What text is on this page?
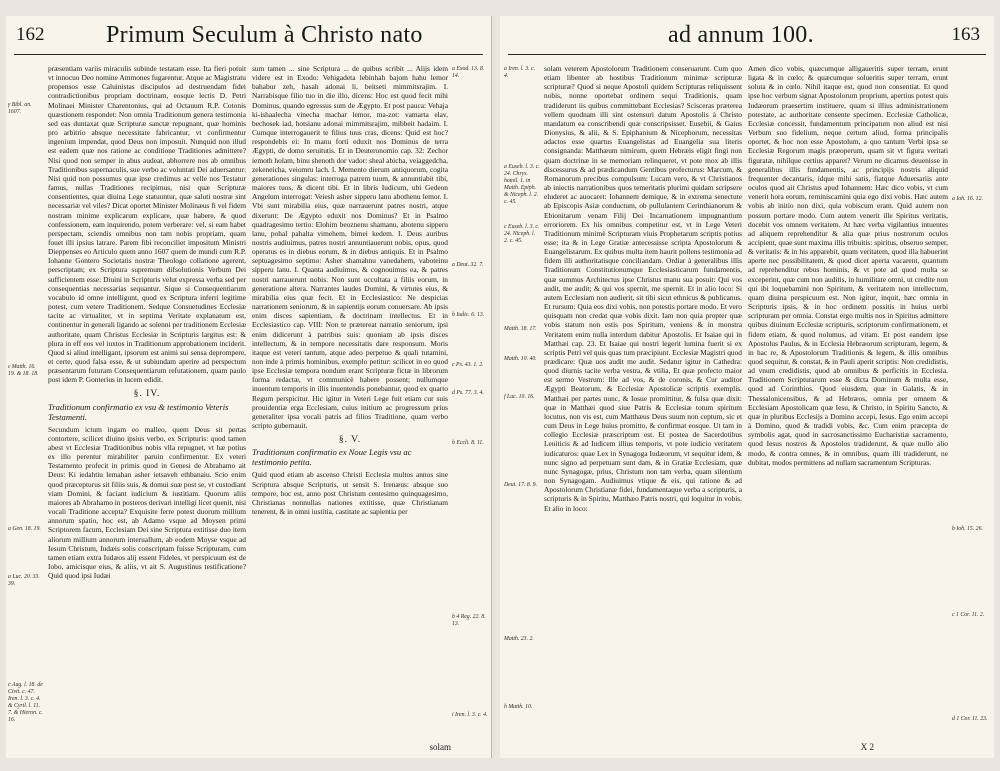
162	Primum Seculum à Christo nato
γ Bibl. an. 1607.
ε Matth. 16. 19. & 18. 18.
a Gen. 18. 19.
a Luc. 20. 33. 39.
c Aug. l. 18. de Civit. c. 47. Iren. l. 3. c. 4. & Cyril. l. 11. 7. & Hieron. c. 16.

præsentiam variis miraculis subinde testatam esse. Ita fieri potuit vt innocuo Deo nomine Ammones fugarentur. Atque ac Magistratu propensos esse Caluinistas discipulos ad destruendam fidei contradictionibus propriam doctrinam, eosque lectis D. Petri Molinaei Minister Charentonius, qui ad Octauum R.P. Cotonis quæstionem respondet: Non omnia Traditionum genera testimonia sed eas duntaxat quæ Scripturæ sanctæ repugnant, quæ hominis pro arbitrio absque necessitate fabricantur, vt confirmentur ingenium impendat, quod Deus non imposuit. Nunquid non illud est eadem quæ nos ratione ac conditione Traditiones admittere? Nisi quod non semper in abus audeat, abhorrere nos ab omnibus Traditionibus supernaculis, sue verbo ac voluntati Dei aduersantur: Nisi quid non possumus quæ ipse credimus ac velle nos Testatur famus, nullas Traditiones recipimus, nisi quæ Scripturæ consentientes, quæ diuina Lege statuuntur, quæ saluti nostræ sint necessariæ vel viles? Dicat oportet Minister Molinæus fi vel fidem nostram minime explicarum explicare, quæ habere, & quod confessionem, eam inquirendo, potem verberare: vel, si eam habet perspectam, sciendis omnibus non tam nobis propriam, quam fouet illi ipsius latrare. Parem fibi reconciliet impositum Ministri Dieppenses eo Articulo quem anno 1607 quem de mundi cum R.P. Iohanne Gontero Societatis nostræ Theologo collatione agerent, perscriptam; ex Scriptura supremum difsolutionis Verbum Dei sufficientem esse: Diuini in Scripturis velut expressa verba sed per consequentias necessarias sequantur. Sique si Consequentiarum vocabulo id omne intelligunt, quod ex Scriptura inferri legitime potest, cum vetere Traditionem. Sedque Consuetudines Ecclesiæ tacite ac virtualiter, vt in septima Veritate explanatum est, continentur in generali ligando ac solenni per traditionem Ecclesiæ authoritate, quam Christus Ecclesiæ in Scripturis largitus est: & plura in eff eos vel iuxtos in Traditionum approbationem inciderit. Quod si aliud intelligant, ipsorum est animi sui sensa deprompere, et certe, quod falsa esse, & ut subiundam aperire ad perspectum præsentarum futuram Consequentiarum refutationem, quam paulo post idem P. Gonterius in lucem edidit.

§. IV.

Traditionum confirmatio ex vsu & testimonio Veteris Testamenti.

Secundum ictum ingam eo malleo, quem Deus sit pertas contortere, scilicet diuino ipsius verbo, ex Scripturis: quod tamen abest vt Ecclesiæ Traditionibus nobis vlla repugnet, vt hæ potius ex illo perentur mirabiliter paruin confirmentur. Ex veteri Testamento profecit in primis quod in Genesi de Abrahamo ait Deus: Ki iedahtiu lemahan asher ietsaveh ethbanaiu. Scio enim quod præcepturus sit filiis suis, & domui suæ post se, vt custodiant viam Domini, & faciant iudicium & iustitiam. Quorum aliis maiores ab Abrahamo in posteros derivari intelligi licet quenit, nisi vocali Traditione accepta? Exquisite ferre potest duorum millium annorum spatio, hoc est, ab Adamo vsque ad Moysen primi Scriptorem facum, Ecclesiam Dei sine Scriptura extitisse duo item aliorum millium annorum interuallum, ab eodem Moyse vsque ad Iesum Christum, Iudæis solis conscriptam fuisse Scripturam, cum tamen etiam extra Iudæos alij essent Fideles, vt perspicuum est de Iobo, amicisque eius, & aliis, vt ait S. Augustinus testificatione? Quid quod ipsi Iudæi

sum tamen ... sine Scriptura ... de quibus scribit ... Alijs idem videre est in Exodo: Vehigadeta lebinhah bajom hahu lemor bahabur zeh, hasah adonai li, beitseti mimmitsrajim. I. Narrabisque filio tuo in die illo, dicens: Hoc est quod fecit mihi Dominus, quando egressus sum de Ægypto. Et post pauca: Vehaja ki-ishaalecha vinecha machar lemor, ma-zot: vamarta elav, bechosek iad, hotsianu adonai mimmitsrajim, mibbeit hadaim. I. Cumque interrogauerit te filius tuus cras, dicens: Quid est hoc? respondebis ei: In manu forti eduxit nos Dominus de terra Ægypti, de domo seruitutis. Et in Deuteronomio cap. 32: Zechor iemoth holam, binu shenoth dor vador: sheal abicha, veiaggedcha, zekeneicha, veiomru lach. I. Memento dierum antiquorum, cogita generationes singulas: interroga patrem tuum, & annuntiabit tibi, maiores tuos, & dicent tibi. Et in libris Iudicum, ubi Gedeon Angelum interrogat: Veiesh asher sipperu lanu abothenu lemor. I. Vbi sunt mirabilia eius, quæ narrauerunt patres nostri, atque dixerunt: De Ægypto eduxit nos Dominus? Et in Psalmo quadragesimo tertio: Elohim beoznenu shamanu, abotenu sipperu lanu, pohal pahalta vimehem, bimei kedem. I. Deus auribus nostris audiuimus, patres nostri annuntiauerunt nobis, opus, quod operatus es in diebus eorum, & in diebus antiquis. Et in Psalmo septuagesimo septimo: Asher shamahnu vanedahem, vaboteinu sipperu lanu. I. Quanta audiuimus, & cognouimus ea, & patres nostri narrauerunt nobis. Non sunt occultata a filiis eorum, in generatione altera. Narrantes laudes Domini, & virtutes eius, & mirabilia eius quæ fecit. Et in Ecclesiastico: Ne despicias narrationem seniorum, & in sapientijs eorum conuersare. Ab ipsis enim disces sapientiam, & doctrinam intellectus. Et in Ecclesiastico cap. VIII: Non te prætereat narratio seniorum, ipsi enim didicerunt à patribus suis: quoniam ab ipsis disces intellectum, & in tempore necessitatis dare responsum. Moris itaque est veteri tantum, atque adeo perpetuo & quali tutamini, non inde à primis hominibus, exemplo petitur: scilicet in eo quod ipse Ecclesiæ tempora nondum erant Scripturæ fictæ in librorum forma redactæ, vt communicè habere possent; nullumque inuentum temporis in illis inuentendis ponebantur, quod ex quarto Regum perspicitur. Hic igitur in Veteri Lege fuit etiam cur suis prouidentiæ erga Ecclesiam, cuius initium ac progressum prius generaliter ipsa vocali patris ad filios Traditione, quam verbo scripto gubernauit.

§. V.

Traditionum confirmatio ex Noue Legis vsu ac testimonio petita.

Quid quod etiam ab ascenso Christi Ecclesia multos annos sine Scriptura absque Scripturis, ut sensit S. Irenæus: absque suo tempore, hoc est, anno post Christum centesimo quinquagesimo, Christianas nonnullas nationes extitisse, quæ Christianam tenerent, & in omni iustitia, castitate ac sapientia per

a Exod. 13. 8. 14.
a Deut. 32. 7.
b Iudic. 6. 13.
c Ps. 43. 1. 2.
d Ps. 77. 3. 4.
b Eccli. 8. 11.
b 4 Reg. 22. 8. 13.
i Iren. l. 3. c. 4.
solam
ad annum 100.	163
a Iren. l. 3. c. 4.
a Euseb. l. 3. c. 24. Chrys. homil. 1. in Matth. Epiph. & Niceph. l. 2. c. 45.
c Euseb. l. 3. c. 24. Niceph. l. 2. c. 45.
Matth. 18. 17.
Matth. 10. 40.
f Luc. 10. 16.
Deut. 17. 8. 9.
Matth. 23. 2.
h Matth. 10.

solam veterem Apostolorum Traditionem conseruarunt. Cum quo etiam libenter ab hostibus Traditionum minimæ scripturæ scripturæ? Quod si neque Apostoli quidem Scripturas reliquissent nobis, nonne oportebat ordinem sequi Traditionis, quam tradiderunt iis quibus committebant Ecclesias? Scisceras præterea vellem quodnam illi sint ostensuri datum Apostolis à Christo mandatum ea conscribendi quæ conscripsisset. Eusebii, & Gaius Dionysius, & alii, & S. Epiphanium & Nicephorum, necessitas adactos esse quartus Euangelistas ad Euangelia sua literis consignanda: Matthæum nimirum, quem Hebræis eligit fingi non quam doctrinæ in se memoriam relinqueret, vt pote mox ab illis discessurus & ad prædicandum Gentibus profecturus: Marcum, & Romanorum precibus compulsum: Lucam vero, & vt Christianos ab iniectis narrationibus quos temeritatis plurimi quidam scripsere eluderet ac auocaret: Iohannem demique, & in extrema senectute ab Episcopis Asiæ conductum, ob pullulantem Cerinthianorum & Ebionitarum venam Filij Dei Incarnationem impugnantium erroriorem. Ex his omnibus competitur est, vt in Lege Veteri Traditionum minimè Scripturam viuis Prophetarum scriptis potius esse; ita & in Lege Gratiæ antecessisse scripta Apostolorum & Euangelistarum. Ex quibus multa item haurit pollens testimonia ad fidem illi authoritatisque conciliandam. Ordiar à generalibus illis Traditionum Constitutionumque Ecclesiasticarum fundamentis, quæ summus Architectus ipse Christus manu sua posuit: Qui vos audit, me audit; & qui vos spernit, me spernit. Et in alio loco: Si autem Ecclesiam non audierit, sit tibi sicut ethnicus & publicanus. Et rursum: Quia eos dixi vobis, non potestis portare modo. Et vero quisquam non credat quæ vobis dixit. Iam non quia propter quæ vobis statum non estis pos Spiritum, veniens & in monstra Veritatem enim nulla interdum dabitur Apostolis. Et Isaiae qui in Matthæi cap. 23. Et Isaiae qui nostri legerit lumina fuerit si ex scriptis Petri vel quis quas tum præcipiunt. Ecclesiæ Magistri quod prædicare: Quæ uos audit me audit. Sedatur igitur in Cathedra: quod diurnis tacite verba vestra, & vtilia, Et quæ profecto maior est sermo Vestrum: Ille ad vos, & de coronis, & Cur auditor Ægypti Beatorum, & Ecclesiæ Apostolicæ scriptis exemplis. Matthæi per partes nunc, & Iosue promittitur, & fulsa quæ dixit: quæ in Matthæi quod siue Patris & Ecclesiæ totum spiritum locutus, non vis est, cum Matthæus Deus suum non ceptum, sic et cum Deus in Lege huius promitto, & confirmat eosque. Ut tam in collegio Ecclesiæ præscriptum est. Et postea de Sacerdotibus Leuiticis & ad Iudicem illius temporis, vt pote iudicio veritatem iudicaturos: quae Lex in Synagoga Iudæorum, vt sequitur idem, & nunc signo ad perpetuam sunt dam, & in Gratiæ Ecclesiam, quæ nunc Synagogæ, prius, Christum non tam verba, quam silentium non Synagogam. Audiuimus vtique & eis, qui ratione & ad Apostolorum Christianæ fidei, fundamentaque verba a scripturis, a scripturis & in Spiritu, Matthæo Patris nostri, qui loquitur in vobis. Et alio in loco:

Amen dico vobis, quæcumque alligaueritis super terram, erunt ligata & in cœlo; & quæcumque solueritis super terram, erunt soluta & in cœlo. Nihil itaque est, quod non consentiat. Et quod ipse hoc verbum signat Apostolorum proprium, apertius potest quis Iudæorum praesertim instituere, quam si illius administrationem potestate, ac authoritate censente specimen. Ecclesiæ Catholicæ, Ecclesiæ concessit, fundamentum principatum non aliud est nisi Verbum suo fidelium, neque certum aliud, forma principalis oportet, & hoc non esse Apostolum, a quo tantum Verbi ipsa se Ecclesiæ Regorum magis præoperum, quam sit vt figura veritati figuratæ, nihilque certius apparet? Verum ne dicamus deuenisse in generalibus illis fundamentis, ac principijs nostris aliquid frequenter decantaris, idque mihi satis, fiatque Aduersariis ante oculos quod ait Christus apud Iohannem: Hæc dico vobis, vt cum venerit hora eorum, reminiscamini quia ego dixi vobis. Hæc autem vobis ab initio non dixi, quia vobiscum eram. Quid autem non possum portare modo. Cum autem venerit ille Spiritus veritatis, docebit vos omnem veritatem. At hæc verba vigilantius intuentes ad aliquem reprehenditur & alia quæ prius nostrorum oculos accipient, quae sunt maxima illis tribuitis: spiritus, obseruo semper, & veritatis: & in his apparebit, quam veritatem, quod illa habuerint aperte nec possibilitatem, & quod dicet aperta vacarent, quantum ad reprehenditur rebus hominis, & vt pote ad quod multa se exceperint, quæ cum non auditis, in humilitate omni, ut credite non qui ibi loquebamini non Spiritum, & veritatem non intellectum, quam diuina perspicuum est. Non igitur, inquit, hæc omnia in Scripturis ipsis, & in hoc ordinem possitis in huius uerbi scripturam per omnia. Constat ergo multis nos in Spiritus admittere quibus diuinum Ecclesiæ scripturis, scriptorum confirmationem, et fidem etiam, & quod nolumus, ad vitam. Et post eandem ipse Apostolus Paulus, & in Ecclesia Hebræorum scripturam, legem, & in hac re, & Apostolorum Traditionis & legem, & illis omnibus quod sequitur, & constat, & in Pauli aperit scriptis: Non credidistis, ad vnum credidistis, quod ab omnibus & perficitis in Ecclesia. Traditionem Scripturarum esse & dicta Dominum & multa esse, quod ad Corinthios. Quod eiusdem, quæ in Galatis, & in Thessalonicensibus, & ad Hebræos, omnia per omnem & Ecclesiam Apostolicam quæ Iesu, & Christo, in Spiritu Sancto, & quæ in pluribus Ecclesijs a Domino accepi, Iesus. Ego enim accepi à Domino, quod & tradidi vobis, &c. Cum enim præcepta de symbolis agat, quod in sacrosanctissimo Eucharistiæ sacramento, quod Iesus nostros & Apostolos tradiderunt, & quæ nullo alio modo, & contra omnes, & in omnibus, quam illi tradiderunt, ne dubitat, modos permittens ad nullam sacramentum Scripturas.

a Ioh. 16. 12.
b Ioh. 15. 26.
c 1 Cor. 11. 2.
d 1 Cor. 11. 23.
X 2
